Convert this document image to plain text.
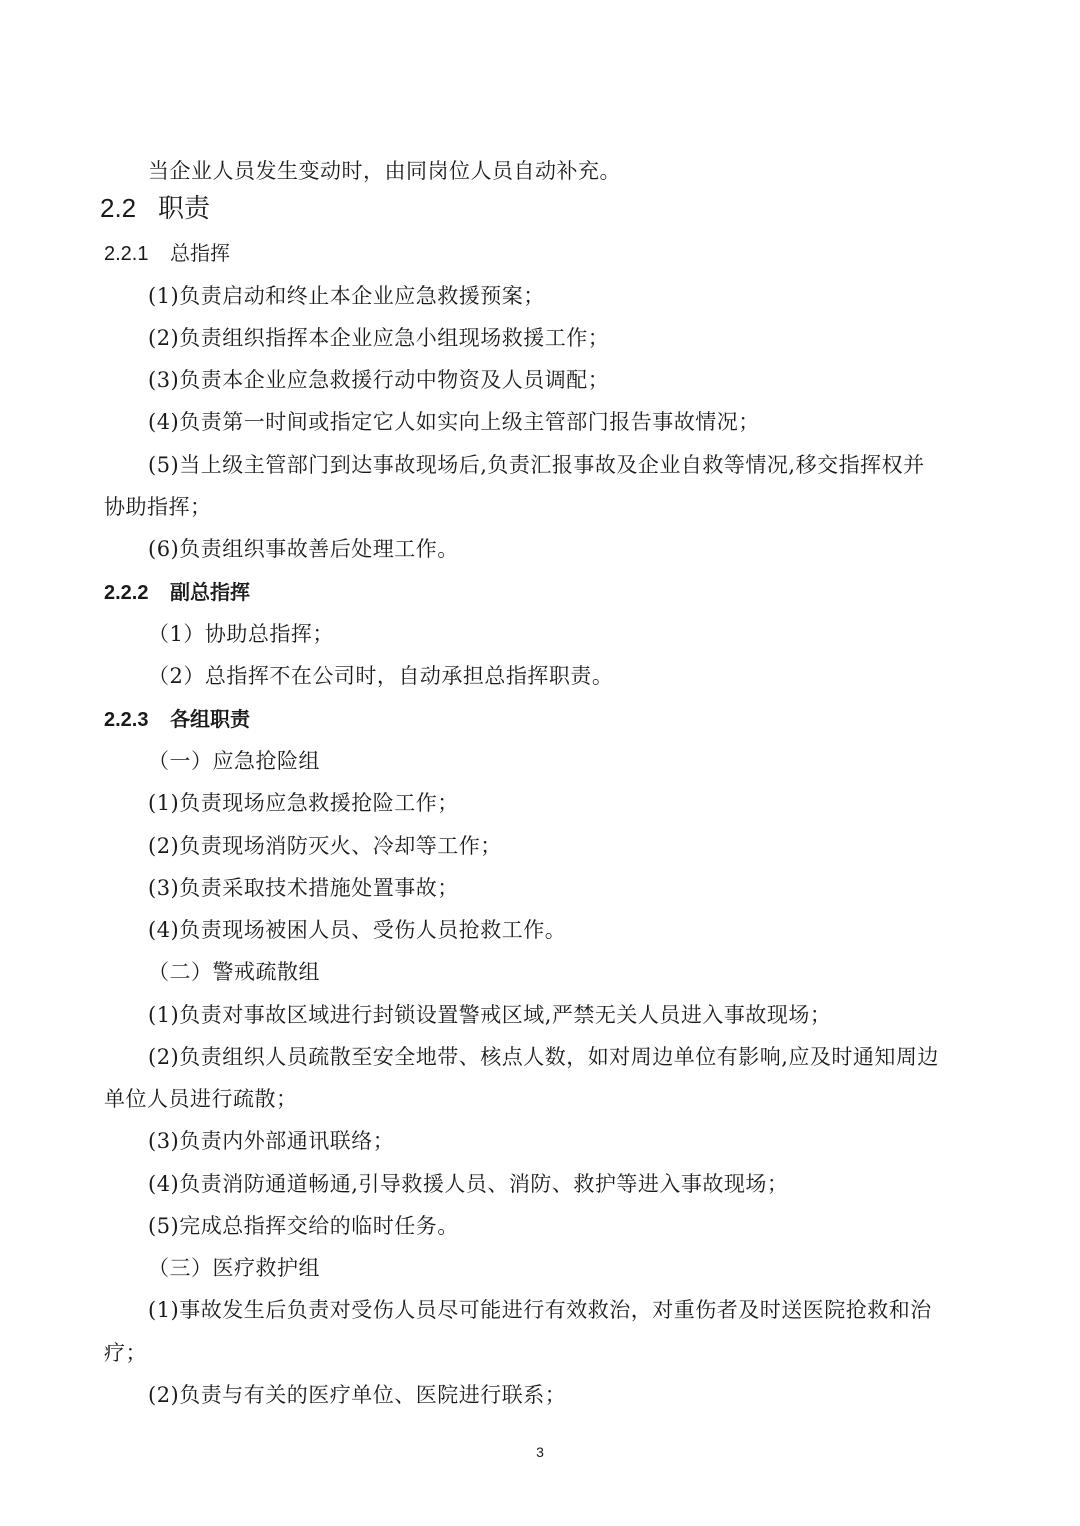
当企业人员发生变动时，由同岗位人员自动补充。
2.2 职责
2.2.1 总指挥
(1)负责启动和终止本企业应急救援预案；
(2)负责组织指挥本企业应急小组现场救援工作；
(3)负责本企业应急救援行动中物资及人员调配；
(4)负责第一时间或指定它人如实向上级主管部门报告事故情况；
(5)当上级主管部门到达事故现场后,负责汇报事故及企业自救等情况,移交指挥权并
协助指挥；
(6)负责组织事故善后处理工作。
2.2.2 副总指挥
（1）协助总指挥；
（2）总指挥不在公司时，自动承担总指挥职责。
2.2.3 各组职责
（一）应急抢险组
(1)负责现场应急救援抢险工作；
(2)负责现场消防灭火、冷却等工作；
(3)负责采取技术措施处置事故；
(4)负责现场被困人员、受伤人员抢救工作。
（二）警戒疏散组
(1)负责对事故区域进行封锁设置警戒区域,严禁无关人员进入事故现场；
(2)负责组织人员疏散至安全地带、核点人数，如对周边单位有影响,应及时通知周边
单位人员进行疏散；
(3)负责内外部通讯联络；
(4)负责消防通道畅通,引导救援人员、消防、救护等进入事故现场；
(5)完成总指挥交给的临时任务。
（三）医疗救护组
(1)事故发生后负责对受伤人员尽可能进行有效救治，对重伤者及时送医院抢救和治
疗；
(2)负责与有关的医疗单位、医院进行联系；
3
